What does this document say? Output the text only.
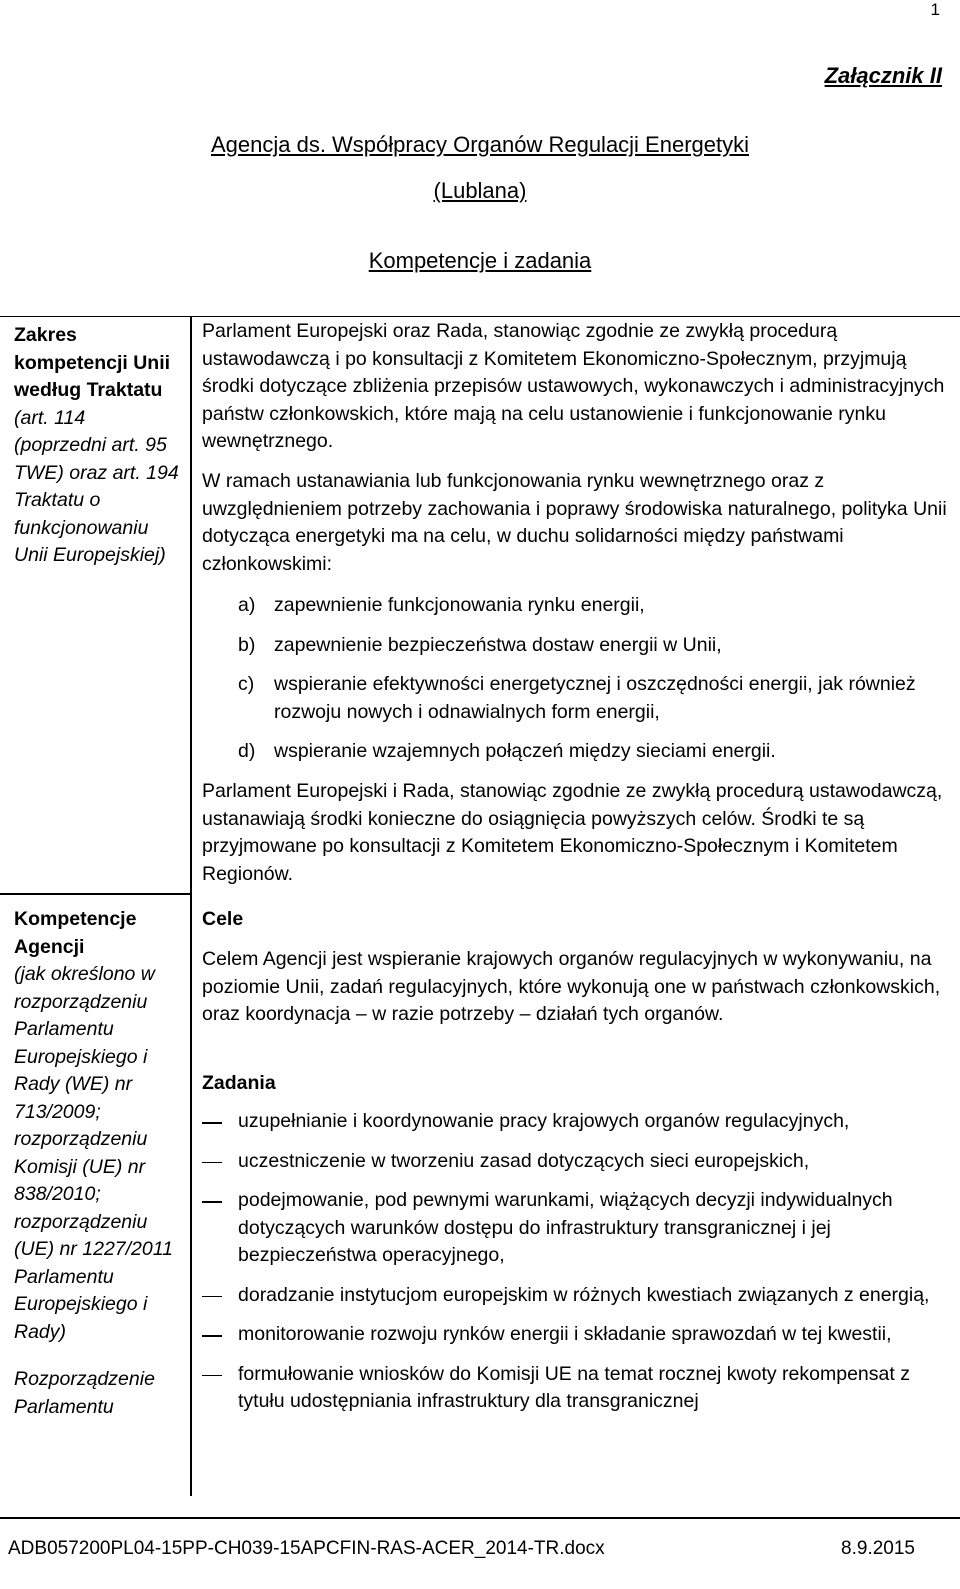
1
Załącznik II
Agencja ds. Współpracy Organów Regulacji Energetyki
(Lublana)
Kompetencje i zadania
Zakres kompetencji Unii według Traktatu
(art. 114 (poprzedni art. 95 TWE) oraz art. 194 Traktatu o funkcjonowaniu Unii Europejskiej)
Kompetencje Agencji
(jak określono w rozporządzeniu Parlamentu Europejskiego i Rady (WE) nr 713/2009; rozporządzeniu Komisji (UE) nr 838/2010; rozporządzeniu (UE) nr 1227/2011 Parlamentu Europejskiego i Rady)
Rozporządzenie Parlamentu
Parlament Europejski oraz Rada, stanowiąc zgodnie ze zwykłą procedurą ustawodawczą i po konsultacji z Komitetem Ekonomiczno-Społecznym, przyjmują środki dotyczące zbliżenia przepisów ustawowych, wykonawczych i administracyjnych państw członkowskich, które mają na celu ustanowienie i funkcjonowanie rynku wewnętrznego.
W ramach ustanawiania lub funkcjonowania rynku wewnętrznego oraz z uwzględnieniem potrzeby zachowania i poprawy środowiska naturalnego, polityka Unii dotycząca energetyki ma na celu, w duchu solidarności między państwami członkowskimi:
a) zapewnienie funkcjonowania rynku energii,
b) zapewnienie bezpieczeństwa dostaw energii w Unii,
c)	wspieranie efektywności energetycznej i oszczędności energii, jak również rozwoju nowych i odnawialnych form energii,
d) wspieranie wzajemnych połączeń między sieciami energii.
Parlament Europejski i Rada, stanowiąc zgodnie ze zwykłą procedurą ustawodawczą, ustanawiają środki konieczne do osiągnięcia powyższych celów. Środki te są przyjmowane po konsultacji z Komitetem Ekonomiczno-Społecznym i Komitetem Regionów.
Cele
Celem Agencji jest wspieranie krajowych organów regulacyjnych w wykonywaniu, na poziomie Unii, zadań regulacyjnych, które wykonują one w państwach członkowskich, oraz koordynacja – w razie potrzeby – działań tych organów.
Zadania
uzupełnianie i koordynowanie pracy krajowych organów regulacyjnych,
uczestniczenie w tworzeniu zasad dotyczących sieci europejskich,
podejmowanie, pod pewnymi warunkami, wiążących decyzji indywidualnych dotyczących warunków dostępu do infrastruktury transgranicznej i jej bezpieczeństwa operacyjnego,
doradzanie instytucjom europejskim w różnych kwestiach związanych z energią,
monitorowanie rozwoju rynków energii i składanie sprawozdań w tej kwestii,
formułowanie wniosków do Komisji UE na temat rocznej kwoty rekompensat z tytułu udostępniania infrastruktury dla transgranicznej
ADB057200PL04-15PP-CH039-15APCFIN-RAS-ACER_2014-TR.docx	8.9.2015
